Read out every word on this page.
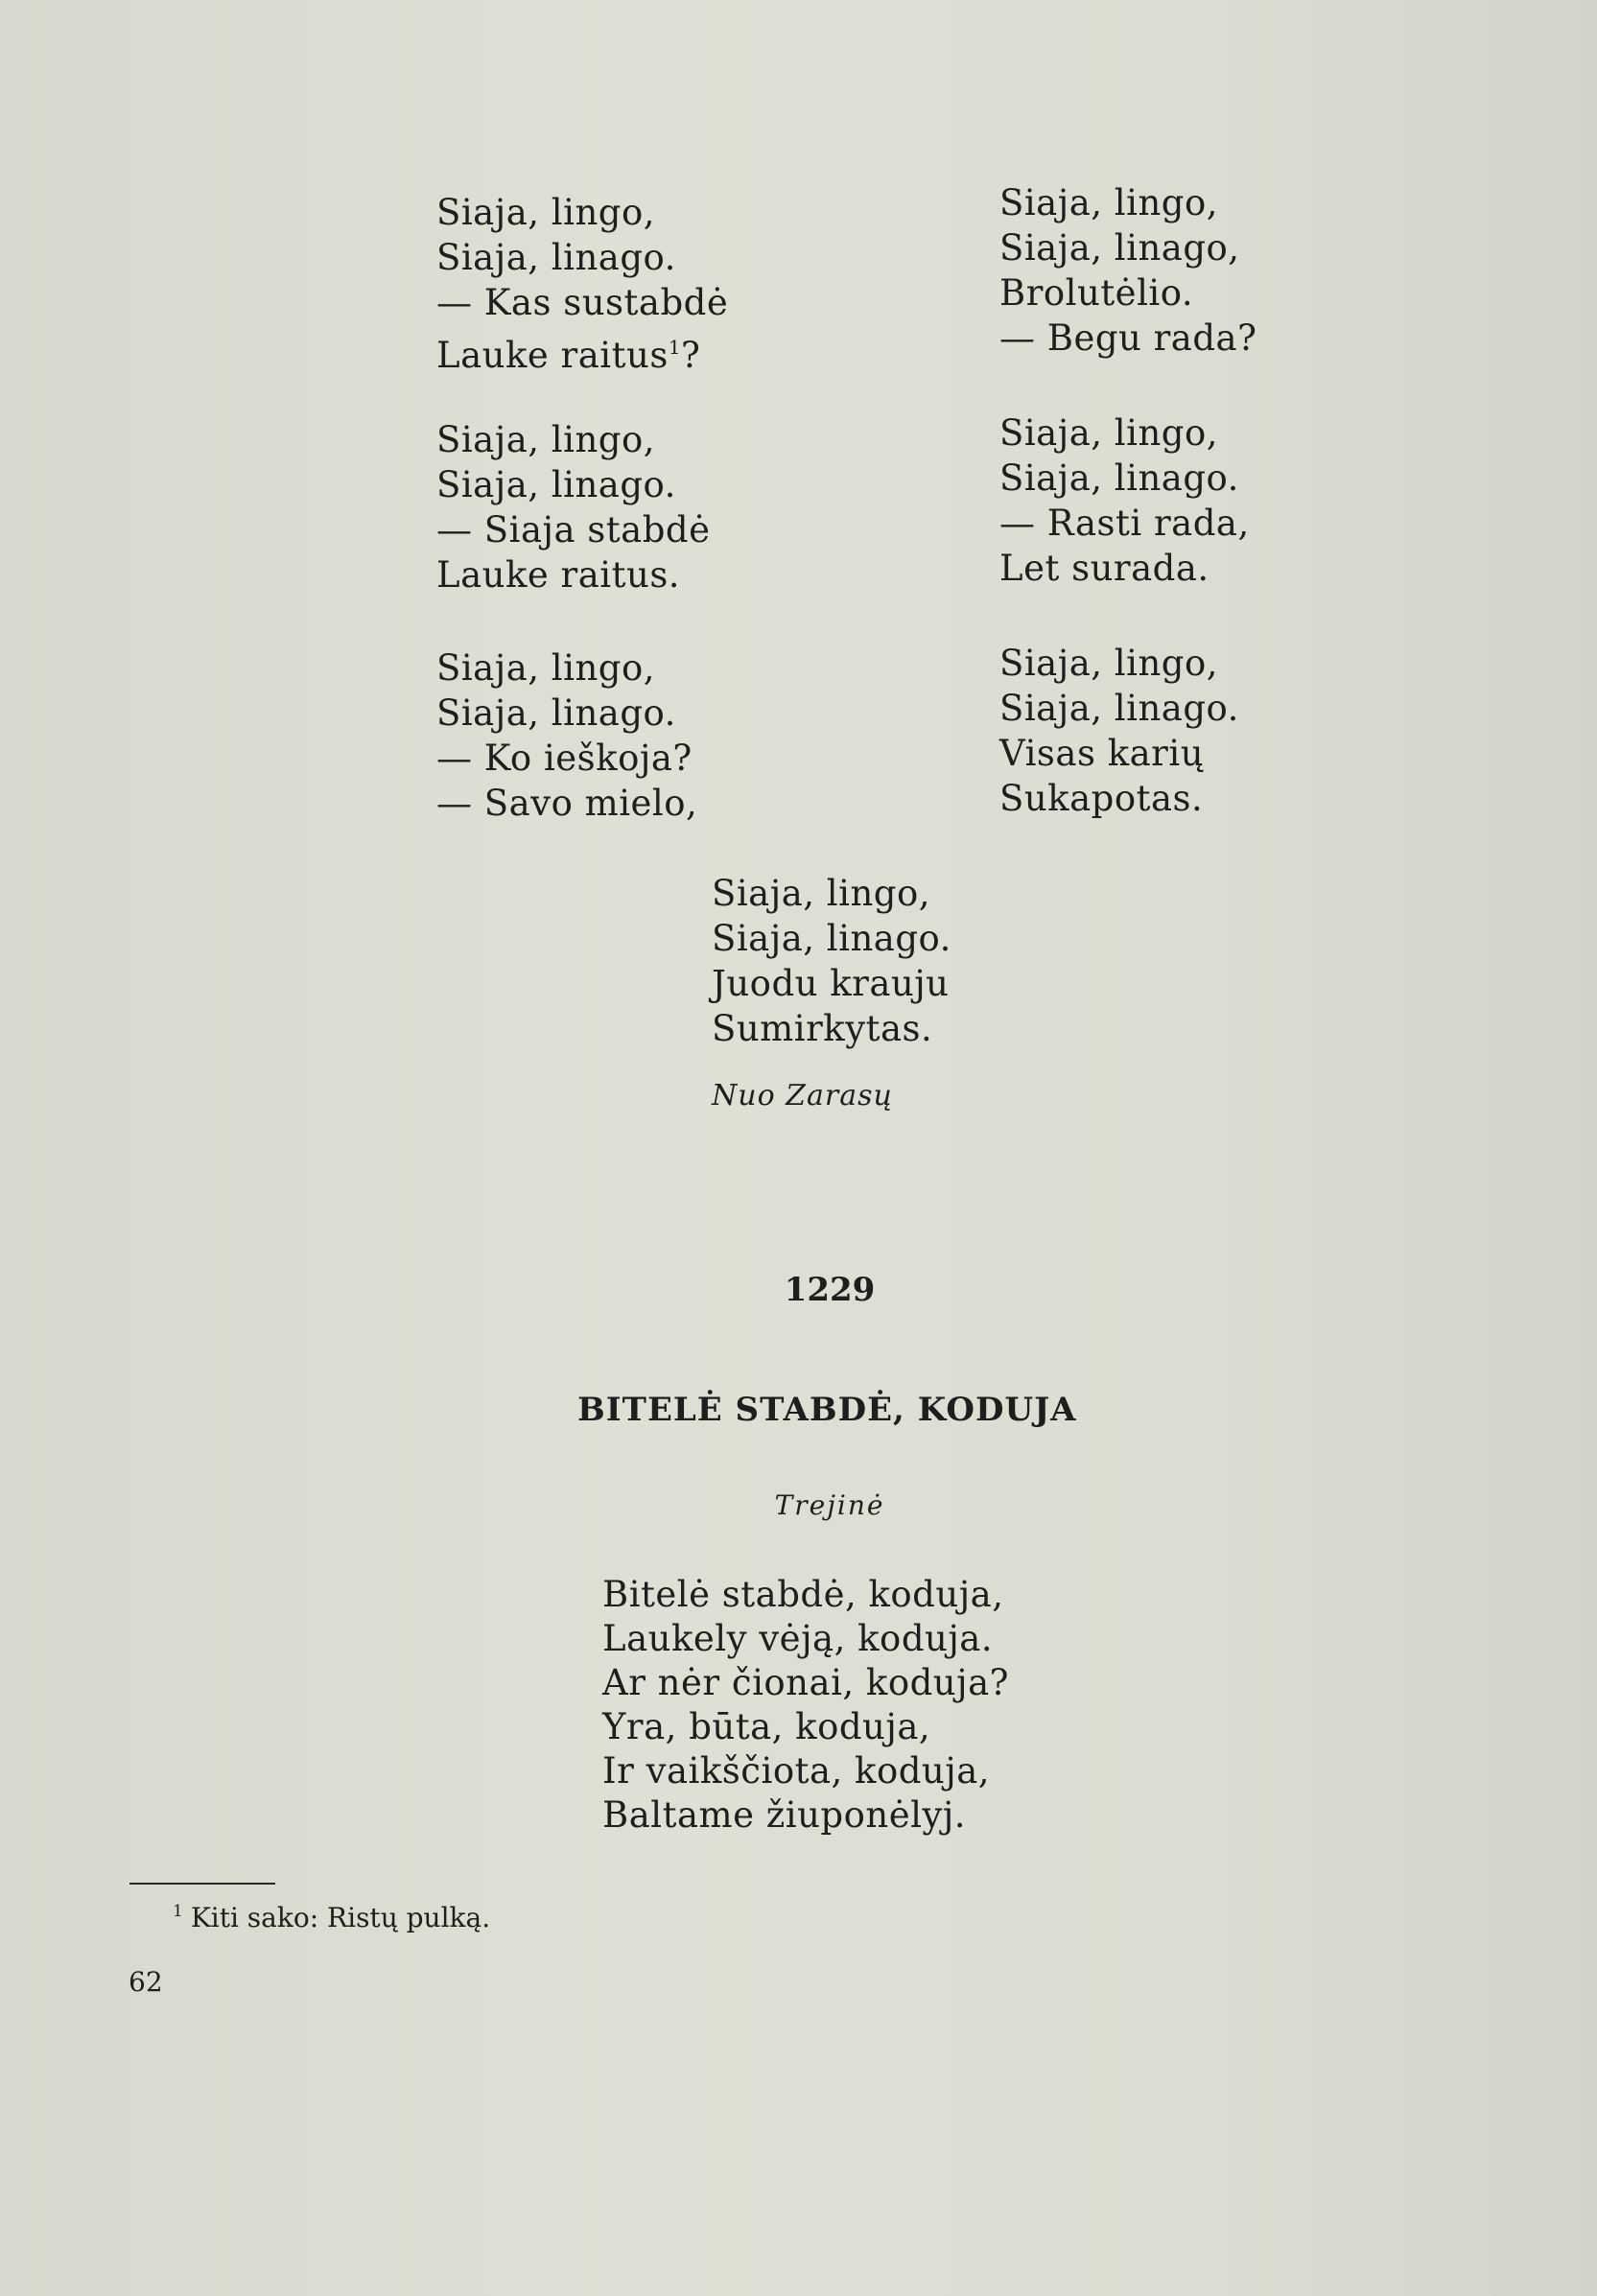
Siaja, lingo,
Siaja, linago.
— Kas sustabdė
Lauke raitus$^1$?
Siaja, lingo,
Siaja, linago.
— Siaja stabdė
Lauke raitus.
Siaja, lingo,
Siaja, linago.
— Ko ieškoja?
— Savo mielo,
Siaja, lingo,
Siaja, linago,
Brolutėlio.
— Begu rada?
Siaja, lingo,
Siaja, linago.
— Rasti rada,
Let surada.
Siaja, lingo,
Siaja, linago.
Visas karių
Sukapotas.
Siaja, lingo,
Siaja, linago.
Juodu krauju
Sumirkytas.
Nuo Zarasų
1229
BITELĖ STABDĖ, KODUJA
Trejinė
Bitelė stabdė, koduja,
Laukely vėją, koduja.
Ar nėr čionai, koduja?
Yra, būta, koduja,
Ir vaikščiota, koduja,
Baltame žiuponėlyj.
$^1$ Kiti sako: Ristų pulką.
62
